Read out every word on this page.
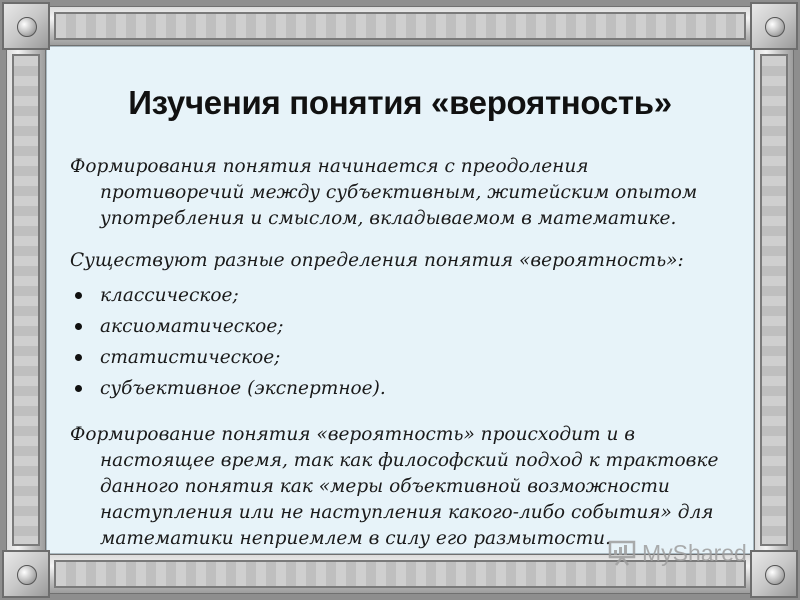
Изучения понятия «вероятность»

Формирования понятия начинается с преодоления противоречий между субъективным, житейским опытом употребления и смыслом, вкладываемом в математике.

Существуют разные определения понятия «вероятность»:

классическое;
аксиоматическое;
статистическое;
субъективное (экспертное).

Формирование понятия «вероятность» происходит и в настоящее время, так как философский подход к трактовке данного понятия как «меры объективной возможности наступления или не наступления какого-либо события» для математики неприемлем в силу его размытости.

MyShared
